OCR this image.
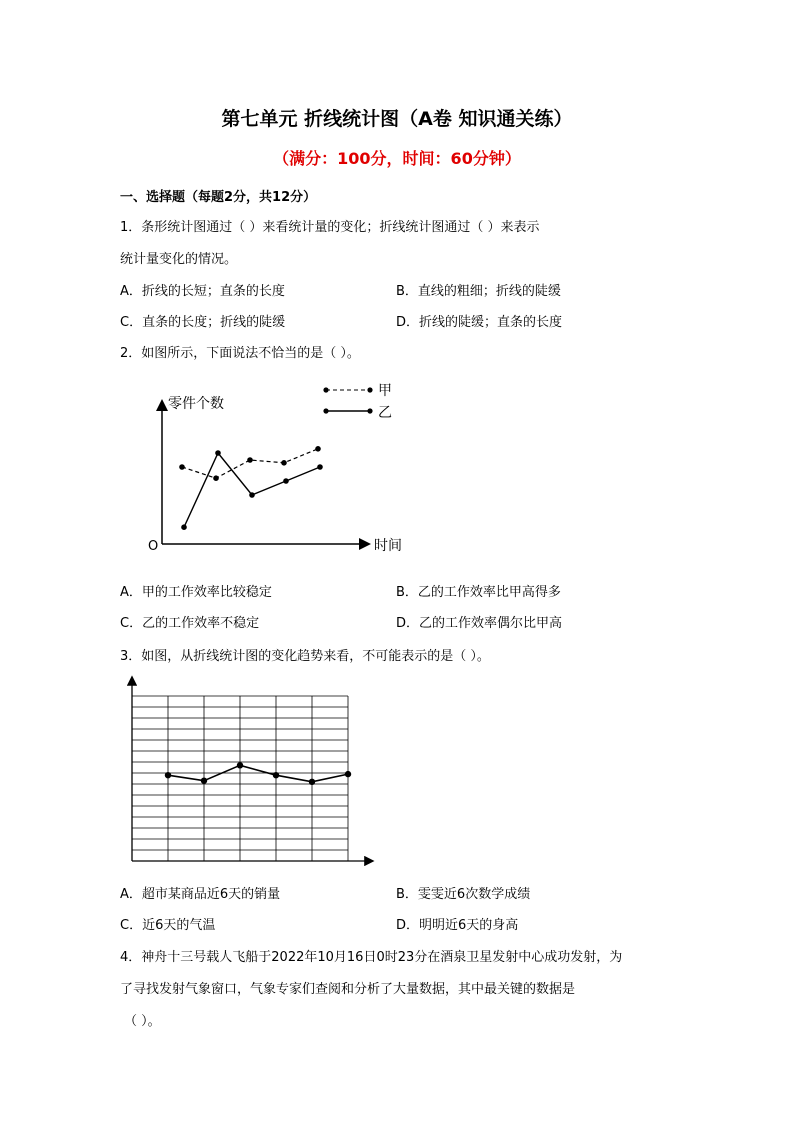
第七单元 折线统计图（A卷 知识通关练）
（满分：100分，时间：60分钟）
一、选择题（每题2分，共12分）
1．条形统计图通过（ ）来看统计量的变化；折线统计图通过（ ）来表示
统计量变化的情况。
A．折线的长短；直条的长度	B．直线的粗细；折线的陡缓
C．直条的长度；折线的陡缓	D．折线的陡缓；直条的长度
2．如图所示，下面说法不恰当的是（ ）。
零件个数
时间
O
甲
乙
A．甲的工作效率比较稳定	B．乙的工作效率比甲高得多
C．乙的工作效率不稳定	D．乙的工作效率偶尔比甲高
3．如图，从折线统计图的变化趋势来看，不可能表示的是（ ）。
A．超市某商品近6天的销量	B．雯雯近6次数学成绩
C．近6天的气温	D．明明近6天的身高
4．神舟十三号载人飞船于2022年10月16日0时23分在酒泉卫星发射中心成功发射，为
了寻找发射气象窗口，气象专家们查阅和分析了大量数据，其中最关键的数据是
（ ）。
